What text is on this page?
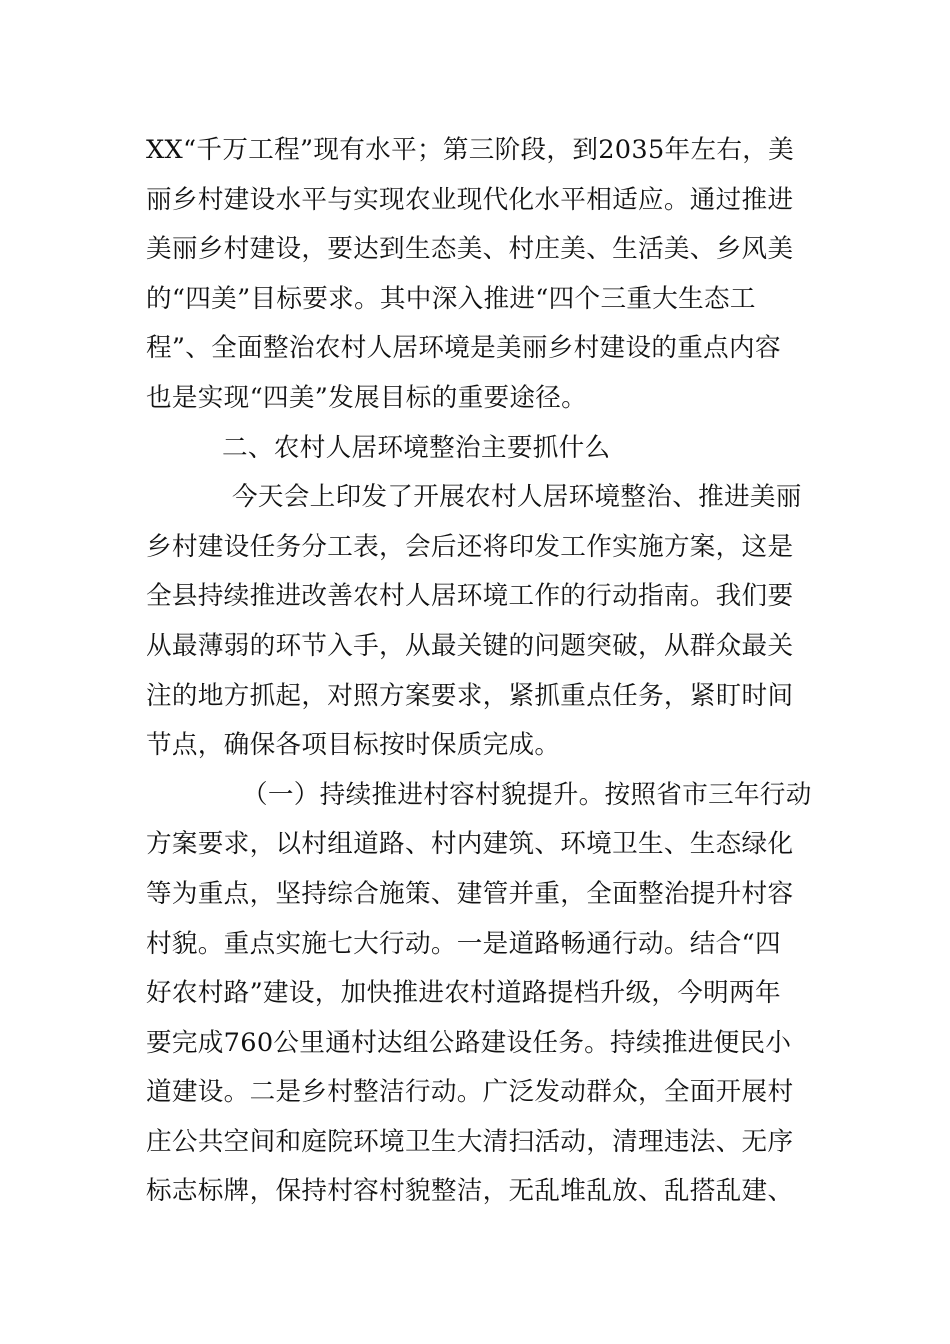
XX“千万工程”现有水平；第三阶段，到2035年左右，美
丽乡村建设水平与实现农业现代化水平相适应。通过推进
美丽乡村建设，要达到生态美、村庄美、生活美、乡风美
的“四美”目标要求。其中深入推进“四个三重大生态工
程”、全面整治农村人居环境是美丽乡村建设的重点内容
也是实现“四美”发展目标的重要途径。
二、农村人居环境整治主要抓什么
今天会上印发了开展农村人居环境整治、推进美丽
乡村建设任务分工表，会后还将印发工作实施方案，这是
全县持续推进改善农村人居环境工作的行动指南。我们要
从最薄弱的环节入手，从最关键的问题突破，从群众最关
注的地方抓起，对照方案要求，紧抓重点任务，紧盯时间
节点，确保各项目标按时保质完成。
（一）持续推进村容村貌提升。按照省市三年行动
方案要求，以村组道路、村内建筑、环境卫生、生态绿化
等为重点，坚持综合施策、建管并重，全面整治提升村容
村貌。重点实施七大行动。一是道路畅通行动。结合“四
好农村路”建设，加快推进农村道路提档升级，今明两年
要完成760公里通村达组公路建设任务。持续推进便民小
道建设。二是乡村整洁行动。广泛发动群众，全面开展村
庄公共空间和庭院环境卫生大清扫活动，清理违法、无序
标志标牌，保持村容村貌整洁，无乱堆乱放、乱搭乱建、
